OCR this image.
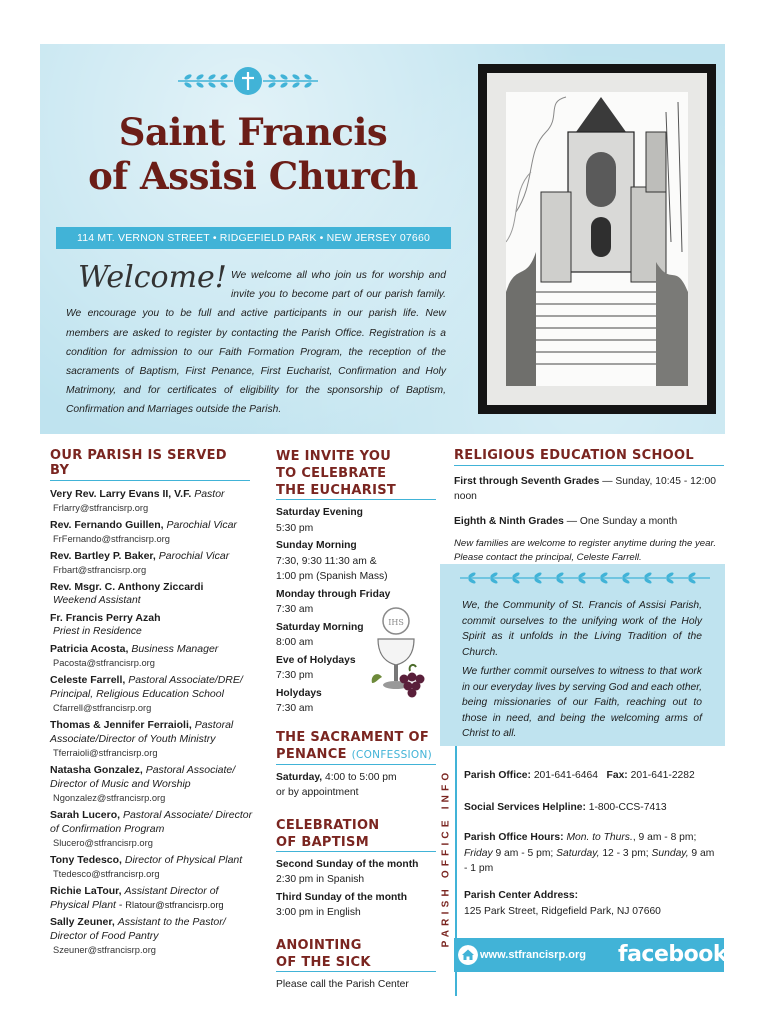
Saint Francis
of Assisi Church
114 MT. VERNON STREET • RIDGEFIELD PARK • NEW JERSEY 07660
Welcome! We welcome all who join us for worship and invite you to become part of our parish family. We encourage you to be full and active participants in our parish life. New members are asked to register by contacting the Parish Office. Registration is a condition for admission to our Faith Formation Program, the reception of the sacraments of Baptism, First Penance, First Eucharist, Confirmation and Holy Matrimony, and for certificates of eligibility for the sponsorship of Baptism, Confirmation and Marriages outside the Parish.
OUR PARISH IS SERVED BY
Very Rev. Larry Evans II, V.F. Pastor
Frlarry@stfrancisrp.org
Rev. Fernando Guillen, Parochial Vicar
FrFernando@stfrancisrp.org
Rev. Bartley P. Baker, Parochial Vicar
Frbart@stfrancisrp.org
Rev. Msgr. C. Anthony Ziccardi
Weekend Assistant
Fr. Francis Perry Azah
Priest in Residence
Patricia Acosta, Business Manager
Pacosta@stfrancisrp.org
Celeste Farrell, Pastoral Associate/DRE/ Principal, Religious Education School
Cfarrell@stfrancisrp.org
Thomas & Jennifer Ferraioli, Pastoral Associate/Director of Youth Ministry
Tferraioli@stfrancisrp.org
Natasha Gonzalez, Pastoral Associate/ Director of Music and Worship
Ngonzalez@stfrancisrp.org
Sarah Lucero, Pastoral Associate/ Director of Confirmation Program
Slucero@stfrancisrp.org
Tony Tedesco, Director of Physical Plant
Ttedesco@stfrancisrp.org
Richie LaTour, Assistant Director of Physical Plant - Rlatour@stfrancisrp.org
Sally Zeuner, Assistant to the Pastor/ Director of Food Pantry
Szeuner@stfrancisrp.org
WE INVITE YOU
TO CELEBRATE
THE EUCHARIST
Saturday Evening
5:30 pm
Sunday Morning
7:30, 9:30 11:30 am &
1:00 pm (Spanish Mass)
Monday through Friday
7:30 am
Saturday Morning
8:00 am
Eve of Holydays
7:30 pm
Holydays
7:30 am
IHS
THE SACRAMENT OF
PENANCE (CONFESSION)
Saturday, 4:00 to 5:00 pm
or by appointment
CELEBRATION
OF BAPTISM
Second Sunday of the month
2:30 pm in Spanish
Third Sunday of the month
3:00 pm in English
ANOINTING
OF THE SICK
Please call the Parish Center
RELIGIOUS EDUCATION SCHOOL
First through Seventh Grades — Sunday, 10:45 - 12:00 noon
Eighth & Ninth Grades — One Sunday a month
New families are welcome to register anytime during the year. Please contact the principal, Celeste Farrell.

We, the Community of St. Francis of Assisi Parish, commit ourselves to the unifying work of the Holy Spirit as it unfolds in the Living Tradition of the Church.

We further commit ourselves to witness to that work in our everyday lives by serving God and each other, being missionaries of our Faith, reaching out to those in need, and being the welcoming arms of Christ to all.

PARISH OFFICE INFO Parish Office: 201-641-6464 Fax: 201-641-2282
Social Services Helpline: 1-800-CCS-7413
Parish Office Hours: Mon. to Thurs., 9 am - 8 pm; Friday 9 am - 5 pm; Saturday, 12 - 3 pm; Sunday, 9 am - 1 pm
Parish Center Address:
125 Park Street, Ridgefield Park, NJ 07660
www.stfrancisrp.org facebook.
